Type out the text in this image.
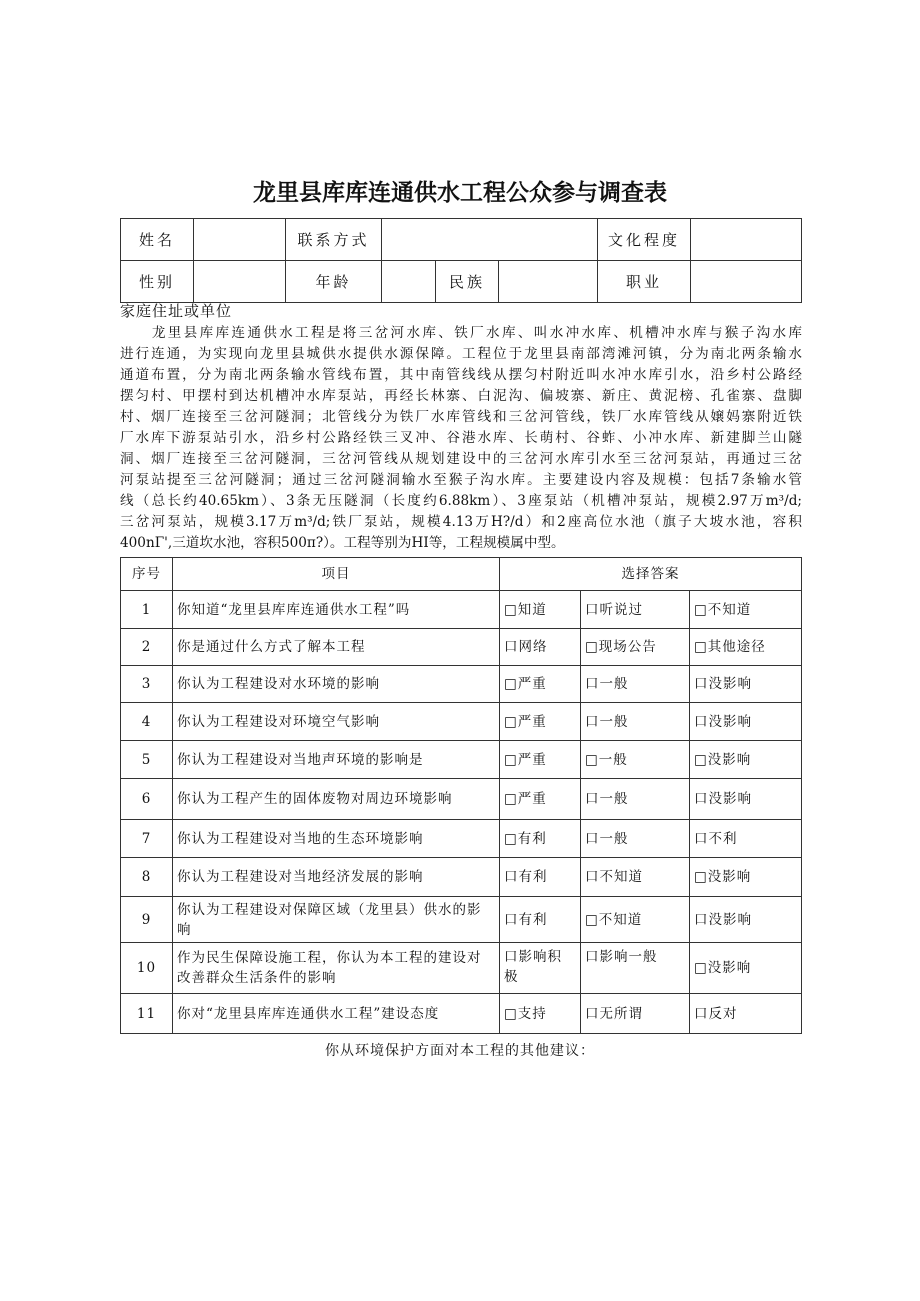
龙里县库库连通供水工程公众参与调查表
姓名		联系方式				文化程度	
性别		年龄		民族		职业	
家庭住址或单位
　　龙里县库库连通供水工程是将三岔河水库、铁厂水库、叫水冲水库、机槽冲水库与猴子沟水库
进行连通，为实现向龙里县城供水提供水源保障。工程位于龙里县南部湾滩河镇，分为南北两条输水
通道布置，分为南北两条输水管线布置，其中南管线线从摆匀村附近叫水冲水库引水，沿乡村公路经
摆匀村、甲摆村到达机槽冲水库泵站，再经长林寨、白泥沟、偏坡寨、新庄、黄泥榜、孔雀寨、盘脚
村、烟厂连接至三岔河隧洞；北管线分为铁厂水库管线和三岔河管线，铁厂水库管线从嬢妈寨附近铁
厂水库下游泵站引水，沿乡村公路经铁三叉冲、谷港水库、长萌村、谷蚱、小冲水库、新建脚兰山隧
洞、烟厂连接至三岔河隧洞，三岔河管线从规划建设中的三岔河水库引水至三岔河泵站，再通过三岔
河泵站提至三岔河隧洞；通过三岔河隧洞输水至猴子沟水库。主要建设内容及规模：包括7条输水管
线（总长约40.65km）、3条无压隧洞（长度约6.88km）、3座泵站（机槽冲泵站，规模2.97万m³/d;
三岔河泵站，规模3.17万m³/d;铁厂泵站，规模4.13万H?/d）和2座高位水池（旗子大坡水池，容积
400nΓ',三道坎水池，容积500π?）。工程等别为HI等，工程规模属中型。
序号	项目	选择答案		
1	你知道“龙里县库库连通供水工程”吗	□知道	口听说过	□不知道
2	你是通过什么方式了解本工程	口网络	□现场公告	□其他途径
3	你认为工程建设对水环境的影响	□严重	口一般	口没影响
4	你认为工程建设对环境空气影响	□严重	口一般	口没影响
5	你认为工程建设对当地声环境的影响是	□严重	□一般	□没影响
6	你认为工程产生的固体废物对周边环境影响	□严重	口一般	口没影响
7	你认为工程建设对当地的生态环境影响	□有利	口一般	口不利
8	你认为工程建设对当地经济发展的影响	口有利	口不知道	□没影响
9	你认为工程建设对保障区域（龙里县）供水的影响	口有利	□不知道	口没影响
10	作为民生保障设施工程，你认为本工程的建设对改善群众生活条件的影响	口影响积极	口影响一般	□没影响
11	你对“龙里县库库连通供水工程”建设态度	□支持	口无所谓	口反对
你从环境保护方面对本工程的其他建议：
